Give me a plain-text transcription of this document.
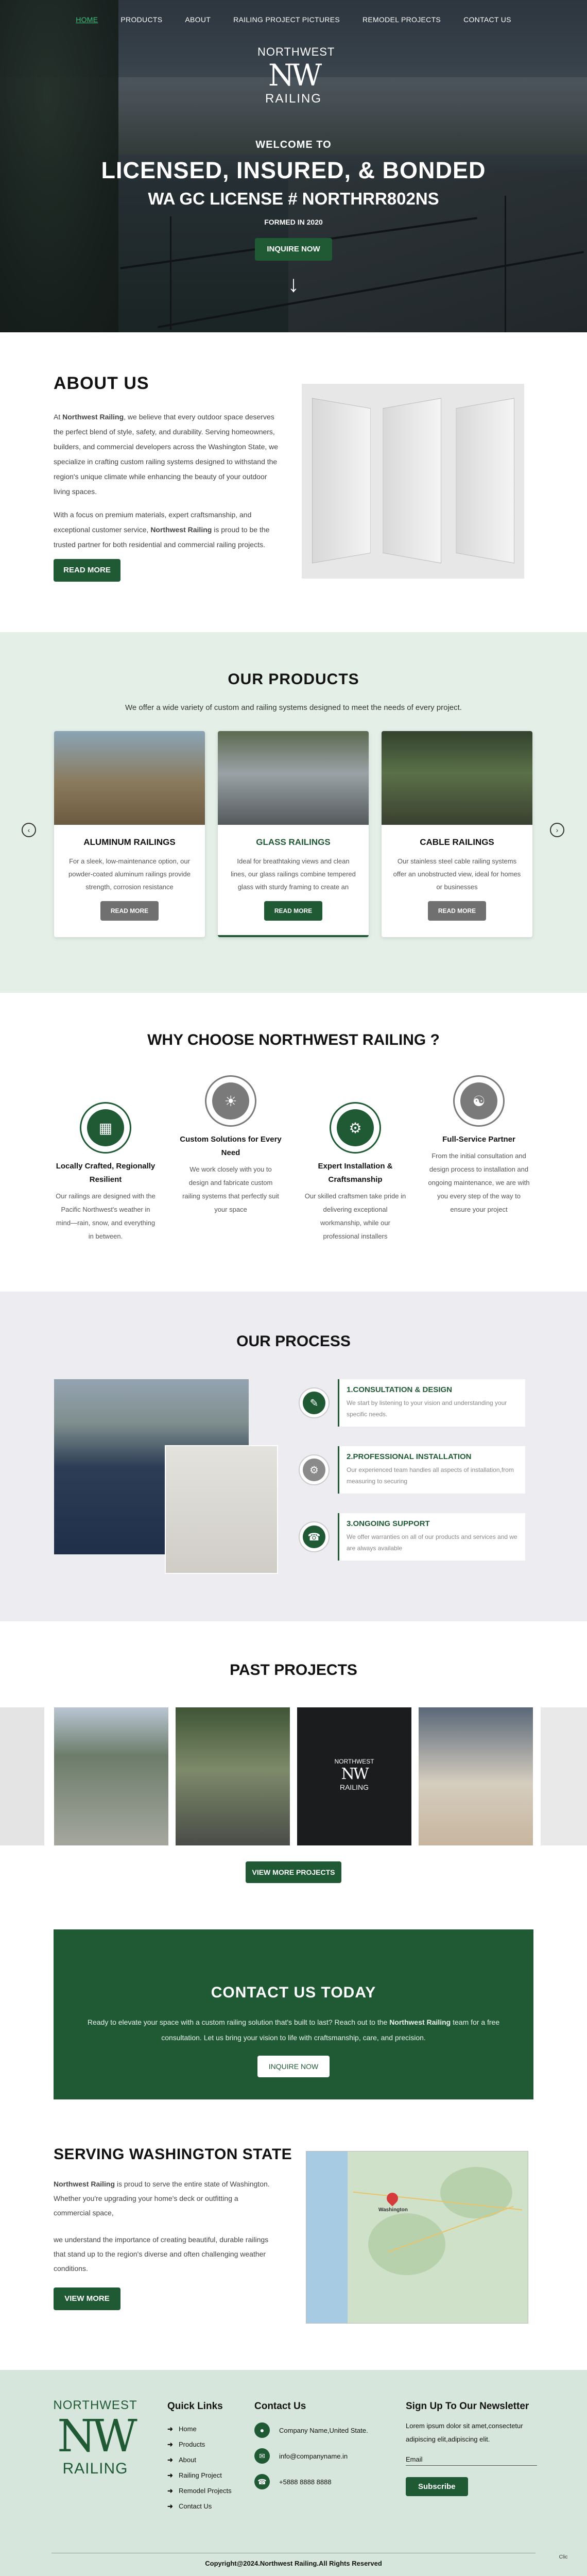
HOME	PRODUCTS	ABOUT	RAILING PROJECT PICTURES	REMODEL PROJECTS	CONTACT US
NORTHWEST
NW
RAILING
WELCOME TO
LICENSED, INSURED, & BONDED
WA GC LICENSE # NORTHRR802NS
FORMED IN 2020
INQUIRE NOW
↓
ABOUT US

At Northwest Railing, we believe that every outdoor space deserves the perfect blend of style, safety, and durability. Serving homeowners, builders, and commercial developers across the Washington State, we specialize in crafting custom railing systems designed to withstand the region's unique climate while enhancing the beauty of your outdoor living spaces.

With a focus on premium materials, expert craftsmanship, and exceptional customer service, Northwest Railing is proud to be the trusted partner for both residential and commercial railing projects.

READ MORE
OUR PRODUCTS
We offer a wide variety of custom and railing systems designed to meet the needs of every project.
‹
ALUMINUM RAILINGS

For a sleek, low-maintenance option, our powder-coated aluminum railings provide strength, corrosion resistance

READ MORE
GLASS RAILINGS

Ideal for breathtaking views and clean lines, our glass railings combine tempered glass with sturdy framing to create an

READ MORE
CABLE RAILINGS

Our stainless steel cable railing systems offer an unobstructed view, ideal for homes or businesses

READ MORE
›
WHY CHOOSE NORTHWEST RAILING ?
▦
Locally Crafted, Regionally Resilient

Our railings are designed with the Pacific Northwest's weather in mind—rain, snow, and everything in between.

☀
Custom Solutions for Every Need

We work closely with you to design and fabricate custom railing systems that perfectly suit your space

⚙
Expert Installation & Craftsmanship

Our skilled craftsmen take pride in delivering exceptional workmanship, while our professional installers

☯
Full-Service Partner

From the initial consultation and design process to installation and ongoing maintenance, we are with you every step of the way to ensure your project

OUR PROCESS
✎
1.CONSULTATION & DESIGN

We start by listening to your vision and understanding your specific needs.

⚙
2.PROFESSIONAL INSTALLATION

Our experienced team handles all aspects of installation,from measuring to securing

☎
3.ONGOING SUPPORT

We offer warranties on all of our products and services and we are always available

PAST PROJECTS
NORTHWEST
NW
RAILING
VIEW MORE PROJECTS
CONTACT US TODAY

Ready to elevate your space with a custom railing solution that's built to last? Reach out to the Northwest Railing team for a free consultation. Let us bring your vision to life with craftsmanship, care, and precision.

INQUIRE NOW
SERVING WASHINGTON STATE

Northwest Railing is proud to serve the entire state of Washington. Whether you're upgrading your home's deck or outfitting a commercial space,

we understand the importance of creating beautiful, durable railings that stand up to the region's diverse and often challenging weather conditions.

VIEW MORE
Washington
NORTHWEST
NW
RAILING
Quick Links
➜ Home
➜ Products
➜ About
➜ Railing Project
➜ Remodel Projects
➜ Contact Us
Contact Us
●	Company Name,United State.
✉	info@companyname.in
☎	+5888 8888 8888
Sign Up To Our Newsletter

Lorem ipsum dolor sit amet,consectetur adipiscing elit,adipiscing elit.

Email
Subscribe
Copyright@2024.Northwest Railing.All Rights Reserved
Clic
